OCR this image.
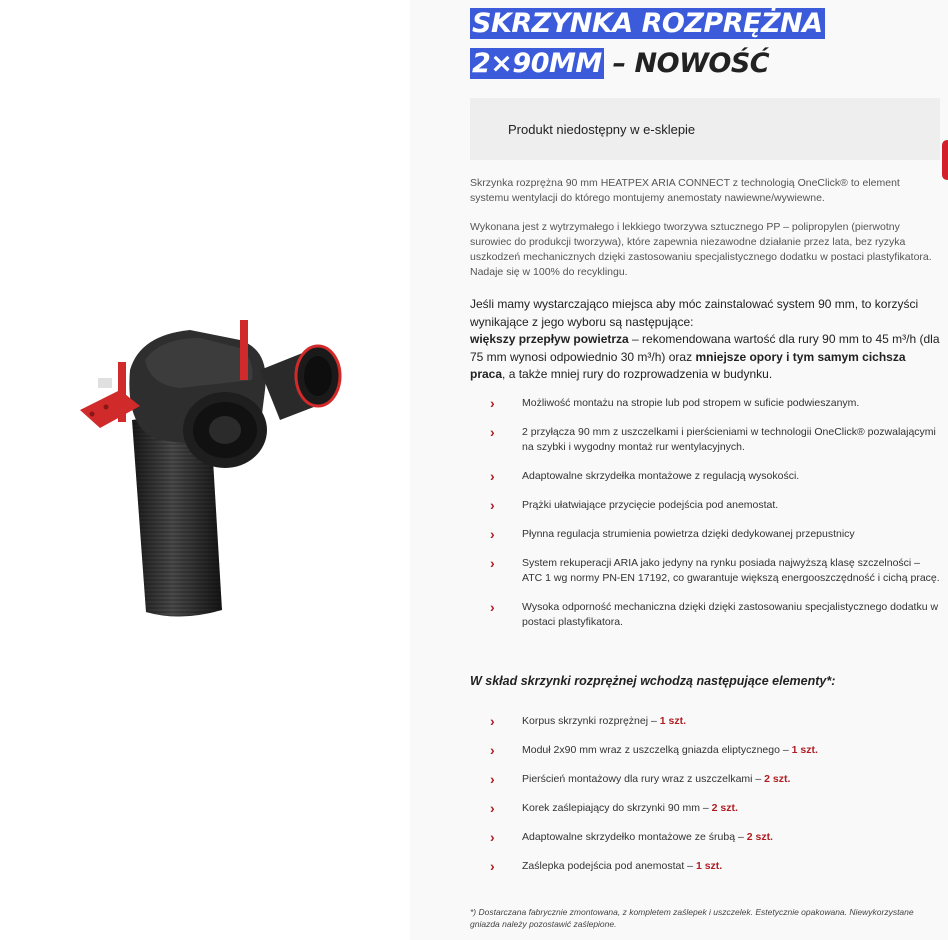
SKRZYNKA ROZPRĘŻNA
2×90MM – NOWOŚĆ
Produkt niedostępny w e-sklepie

Skrzynka rozprężna 90 mm HEATPEX ARIA CONNECT z technologią OneClick® to element systemu wentylacji do którego montujemy anemostaty nawiewne/wywiewne.

Wykonana jest z wytrzymałego i lekkiego tworzywa sztucznego PP – polipropylen (pierwotny surowiec do produkcji tworzywa), które zapewnia niezawodne działanie przez lata, bez ryzyka uszkodzeń mechanicznych dzięki zastosowaniu specjalistycznego dodatku w postaci plastyfikatora. Nadaje się w 100% do recyklingu.

Jeśli mamy wystarczająco miejsca aby móc zainstalować system 90 mm, to korzyści wynikające z jego wyboru są następujące:
większy przepływ powietrza – rekomendowana wartość dla rury 90 mm to 45 m³/h (dla 75 mm wynosi odpowiednio 30 m³/h) oraz mniejsze opory i tym samym cichsza praca, a także mniej rury do rozprowadzenia w budynku.
›	Możliwość montażu na stropie lub pod stropem w suficie podwieszanym.
›	2 przyłącza 90 mm z uszczelkami i pierścieniami w technologii OneClick® pozwalającymi na szybki i wygodny montaż rur wentylacyjnych.
›	Adaptowalne skrzydełka montażowe z regulacją wysokości.
›	Prążki ułatwiające przycięcie podejścia pod anemostat.
›	Płynna regulacja strumienia powietrza dzięki dedykowanej przepustnicy
›	System rekuperacji ARIA jako jedyny na rynku posiada najwyższą klasę szczelności – ATC 1 wg normy PN-EN 17192, co gwarantuje większą energooszczędność i cichą pracę.
›	Wysoka odporność mechaniczna dzięki dzięki zastosowaniu specjalistycznego dodatku w postaci plastyfikatora.
W skład skrzynki rozprężnej wchodzą następujące elementy*:
›	Korpus skrzynki rozprężnej – 1 szt.
›	Moduł 2x90 mm wraz z uszczelką gniazda eliptycznego – 1 szt.
›	Pierścień montażowy dla rury wraz z uszczelkami – 2 szt.
›	Korek zaślepiający do skrzynki 90 mm – 2 szt.
›	Adaptowalne skrzydełko montażowe ze śrubą – 2 szt.
›	Zaślepka podejścia pod anemostat – 1 szt.
*) Dostarczana fabrycznie zmontowana, z kompletem zaślepek i uszczelek. Estetycznie opakowana. Niewykorzystane gniazda należy pozostawić zaślepione.
